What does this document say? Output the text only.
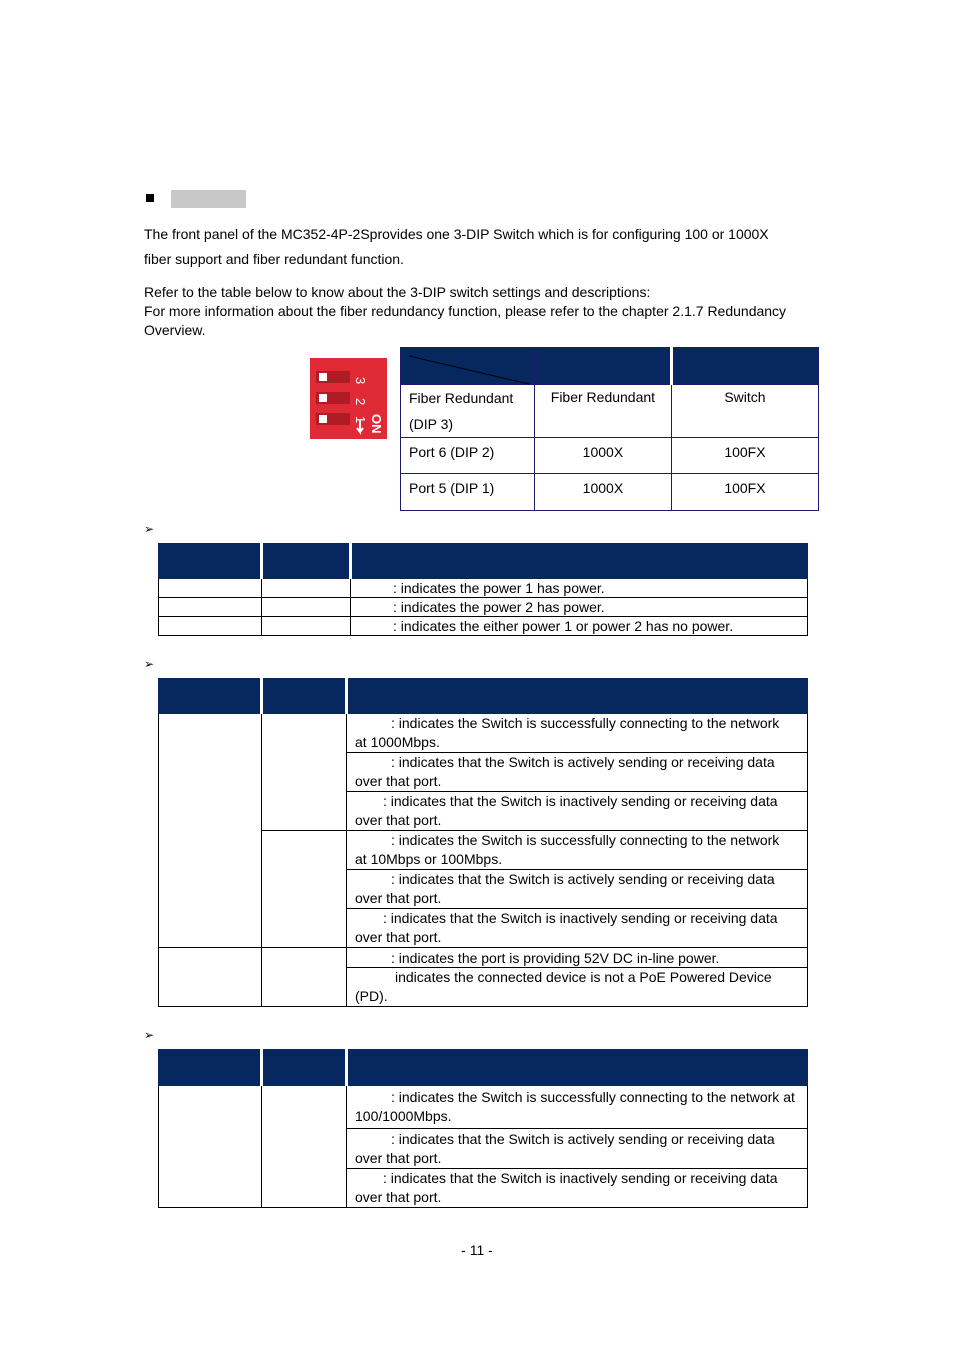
The front panel of the MC352-4P-2Sprovides one 3-DIP Switch which is for configuring 100 or 1000X
fiber support and fiber redundant function.
Refer to the table below to know about the 3-DIP switch settings and descriptions:
For more information about the fiber redundancy function, please refer to the chapter 2.1.7 Redundancy
Overview.
3
2
1 ON

Fiber Redundant
(DIP 3)	Fiber Redundant	Switch
Port 6 (DIP 2)	1000X	100FX
Port 5 (DIP 1)	1000X	100FX
➢

		: indicates the power 1 has power.
		: indicates the power 2 has power.
		: indicates the either power 1 or power 2 has no power.
➢

		: indicates the Switch is successfully connecting to the network
at 1000Mbps.
		: indicates that the Switch is actively sending or receiving data
over that port.
		: indicates that the Switch is inactively sending or receiving data
over that port.
		: indicates the Switch is successfully connecting to the network
at 10Mbps or 100Mbps.
		: indicates that the Switch is actively sending or receiving data
over that port.
		: indicates that the Switch is inactively sending or receiving data
over that port.
		: indicates the port is providing 52V DC in-line power.
		indicates the connected device is not a PoE Powered Device
(PD).
➢

		: indicates the Switch is successfully connecting to the network at
100/1000Mbps.
		: indicates that the Switch is actively sending or receiving data
over that port.
		: indicates that the Switch is inactively sending or receiving data
over that port.
- 11 -
